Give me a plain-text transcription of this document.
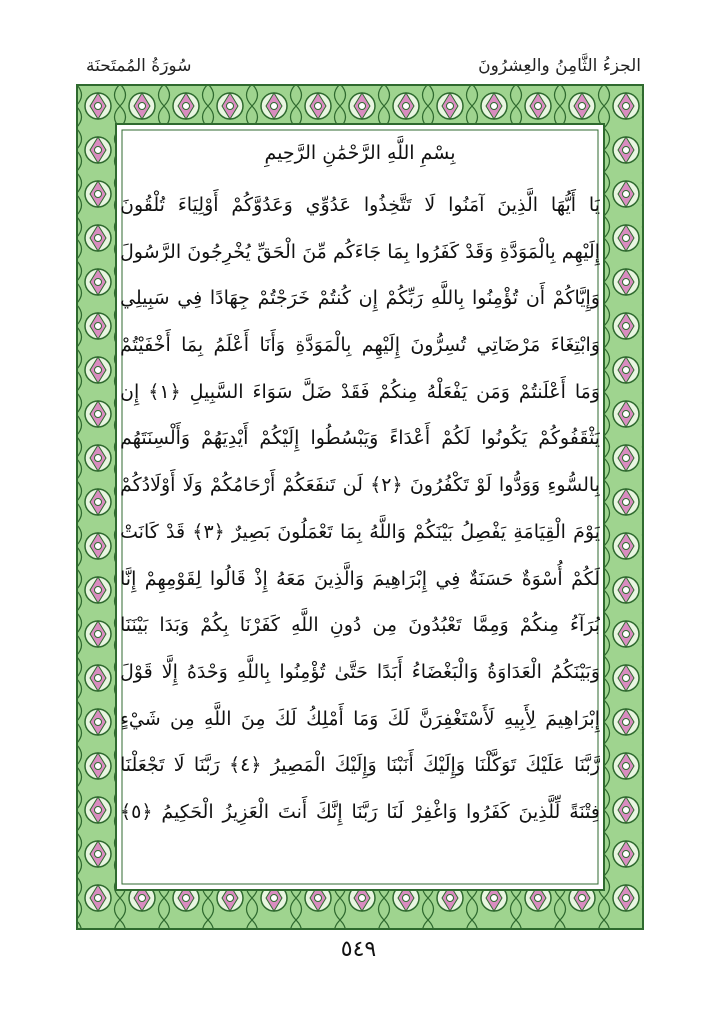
الجزءُ الثَّامِنُ والعِشرُونَ
سُورَةُ المُمتَحنَة
بِسْمِ اللَّهِ الرَّحْمَٰنِ الرَّحِيمِ
يَا أَيُّهَا الَّذِينَ آمَنُوا لَا تَتَّخِذُوا عَدُوِّي وَعَدُوَّكُمْ أَوْلِيَاءَ تُلْقُونَ
إِلَيْهِم بِالْمَوَدَّةِ وَقَدْ كَفَرُوا بِمَا جَاءَكُم مِّنَ الْحَقِّ يُخْرِجُونَ الرَّسُولَ
وَإِيَّاكُمْ أَن تُؤْمِنُوا بِاللَّهِ رَبِّكُمْ إِن كُنتُمْ خَرَجْتُمْ جِهَادًا فِي سَبِيلِي
وَابْتِغَاءَ مَرْضَاتِي تُسِرُّونَ إِلَيْهِم بِالْمَوَدَّةِ وَأَنَا أَعْلَمُ بِمَا أَخْفَيْتُمْ
وَمَا أَعْلَنتُمْ وَمَن يَفْعَلْهُ مِنكُمْ فَقَدْ ضَلَّ سَوَاءَ السَّبِيلِ ﴿١﴾ إِن
يَثْقَفُوكُمْ يَكُونُوا لَكُمْ أَعْدَاءً وَيَبْسُطُوا إِلَيْكُمْ أَيْدِيَهُمْ وَأَلْسِنَتَهُم
بِالسُّوءِ وَوَدُّوا لَوْ تَكْفُرُونَ ﴿٢﴾ لَن تَنفَعَكُمْ أَرْحَامُكُمْ وَلَا أَوْلَادُكُمْ
يَوْمَ الْقِيَامَةِ يَفْصِلُ بَيْنَكُمْ وَاللَّهُ بِمَا تَعْمَلُونَ بَصِيرٌ ﴿٣﴾ قَدْ كَانَتْ
لَكُمْ أُسْوَةٌ حَسَنَةٌ فِي إِبْرَاهِيمَ وَالَّذِينَ مَعَهُ إِذْ قَالُوا لِقَوْمِهِمْ إِنَّا
بُرَآءُ مِنكُمْ وَمِمَّا تَعْبُدُونَ مِن دُونِ اللَّهِ كَفَرْنَا بِكُمْ وَبَدَا بَيْنَنَا
وَبَيْنَكُمُ الْعَدَاوَةُ وَالْبَغْضَاءُ أَبَدًا حَتَّىٰ تُؤْمِنُوا بِاللَّهِ وَحْدَهُ إِلَّا قَوْلَ
إِبْرَاهِيمَ لِأَبِيهِ لَأَسْتَغْفِرَنَّ لَكَ وَمَا أَمْلِكُ لَكَ مِنَ اللَّهِ مِن شَيْءٍ
رَّبَّنَا عَلَيْكَ تَوَكَّلْنَا وَإِلَيْكَ أَنَبْنَا وَإِلَيْكَ الْمَصِيرُ ﴿٤﴾ رَبَّنَا لَا تَجْعَلْنَا
فِتْنَةً لِّلَّذِينَ كَفَرُوا وَاغْفِرْ لَنَا رَبَّنَا إِنَّكَ أَنتَ الْعَزِيزُ الْحَكِيمُ ﴿٥﴾
٥٤٩
